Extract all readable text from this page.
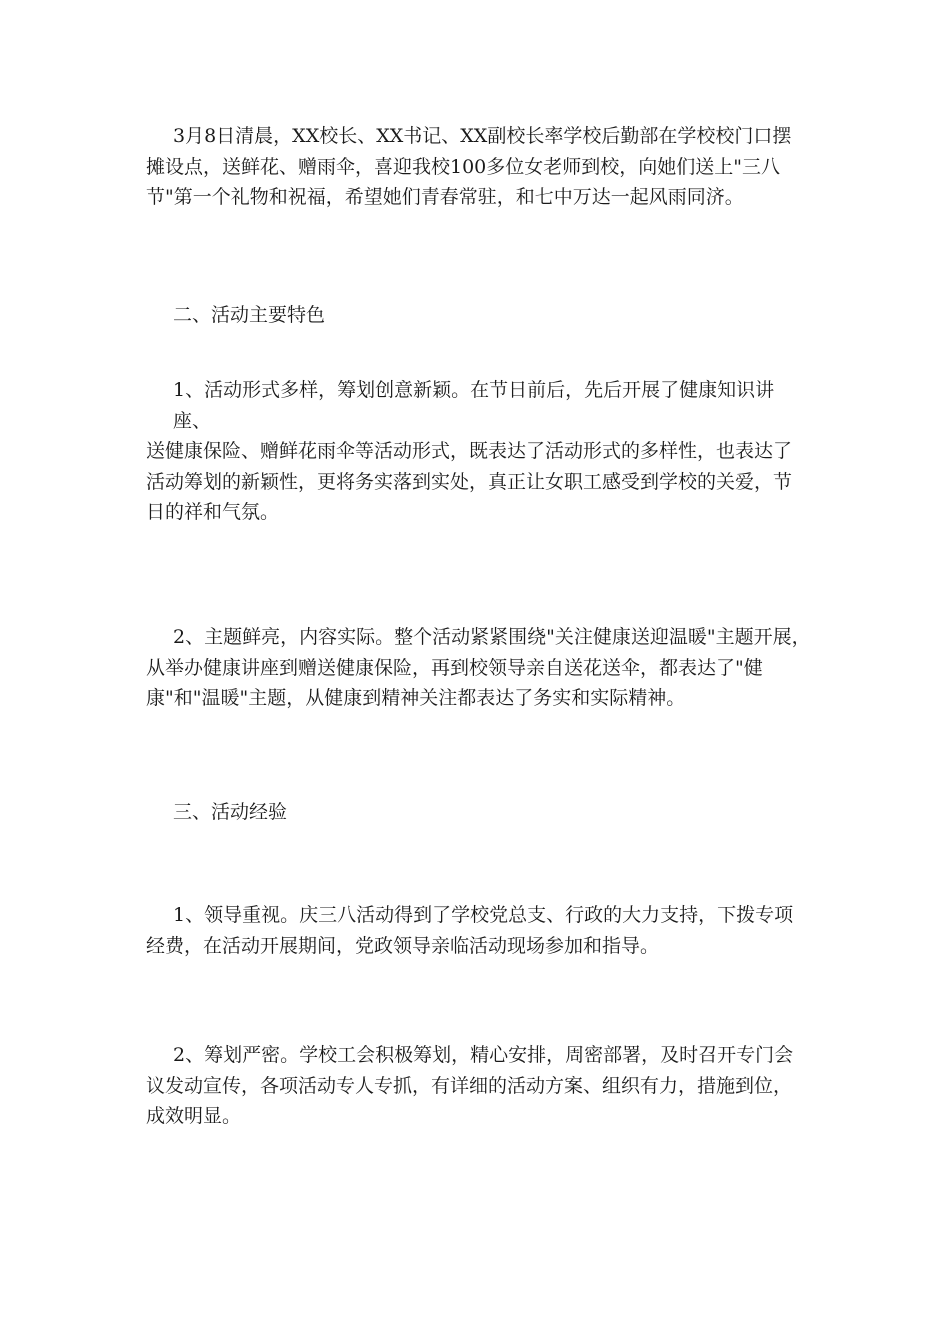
3月8日清晨，XX校长、XX书记、XX副校长率学校后勤部在学校校门口摆
摊设点，送鲜花、赠雨伞，喜迎我校100多位女老师到校，向她们送上"三八
节"第一个礼物和祝福，希望她们青春常驻，和七中万达一起风雨同济。
二、活动主要特色
1、活动形式多样，筹划创意新颖。在节日前后，先后开展了健康知识讲座、
送健康保险、赠鲜花雨伞等活动形式，既表达了活动形式的多样性，也表达了
活动筹划的新颖性，更将务实落到实处，真正让女职工感受到学校的关爱，节
日的祥和气氛。
2、主题鲜亮，内容实际。整个活动紧紧围绕"关注健康送迎温暖"主题开展，
从举办健康讲座到赠送健康保险，再到校领导亲自送花送伞，都表达了"健
康"和"温暖"主题，从健康到精神关注都表达了务实和实际精神。
三、活动经验
1、领导重视。庆三八活动得到了学校党总支、行政的大力支持，下拨专项
经费，在活动开展期间，党政领导亲临活动现场参加和指导。
2、筹划严密。学校工会积极筹划，精心安排，周密部署，及时召开专门会
议发动宣传，各项活动专人专抓，有详细的活动方案、组织有力，措施到位，
成效明显。
